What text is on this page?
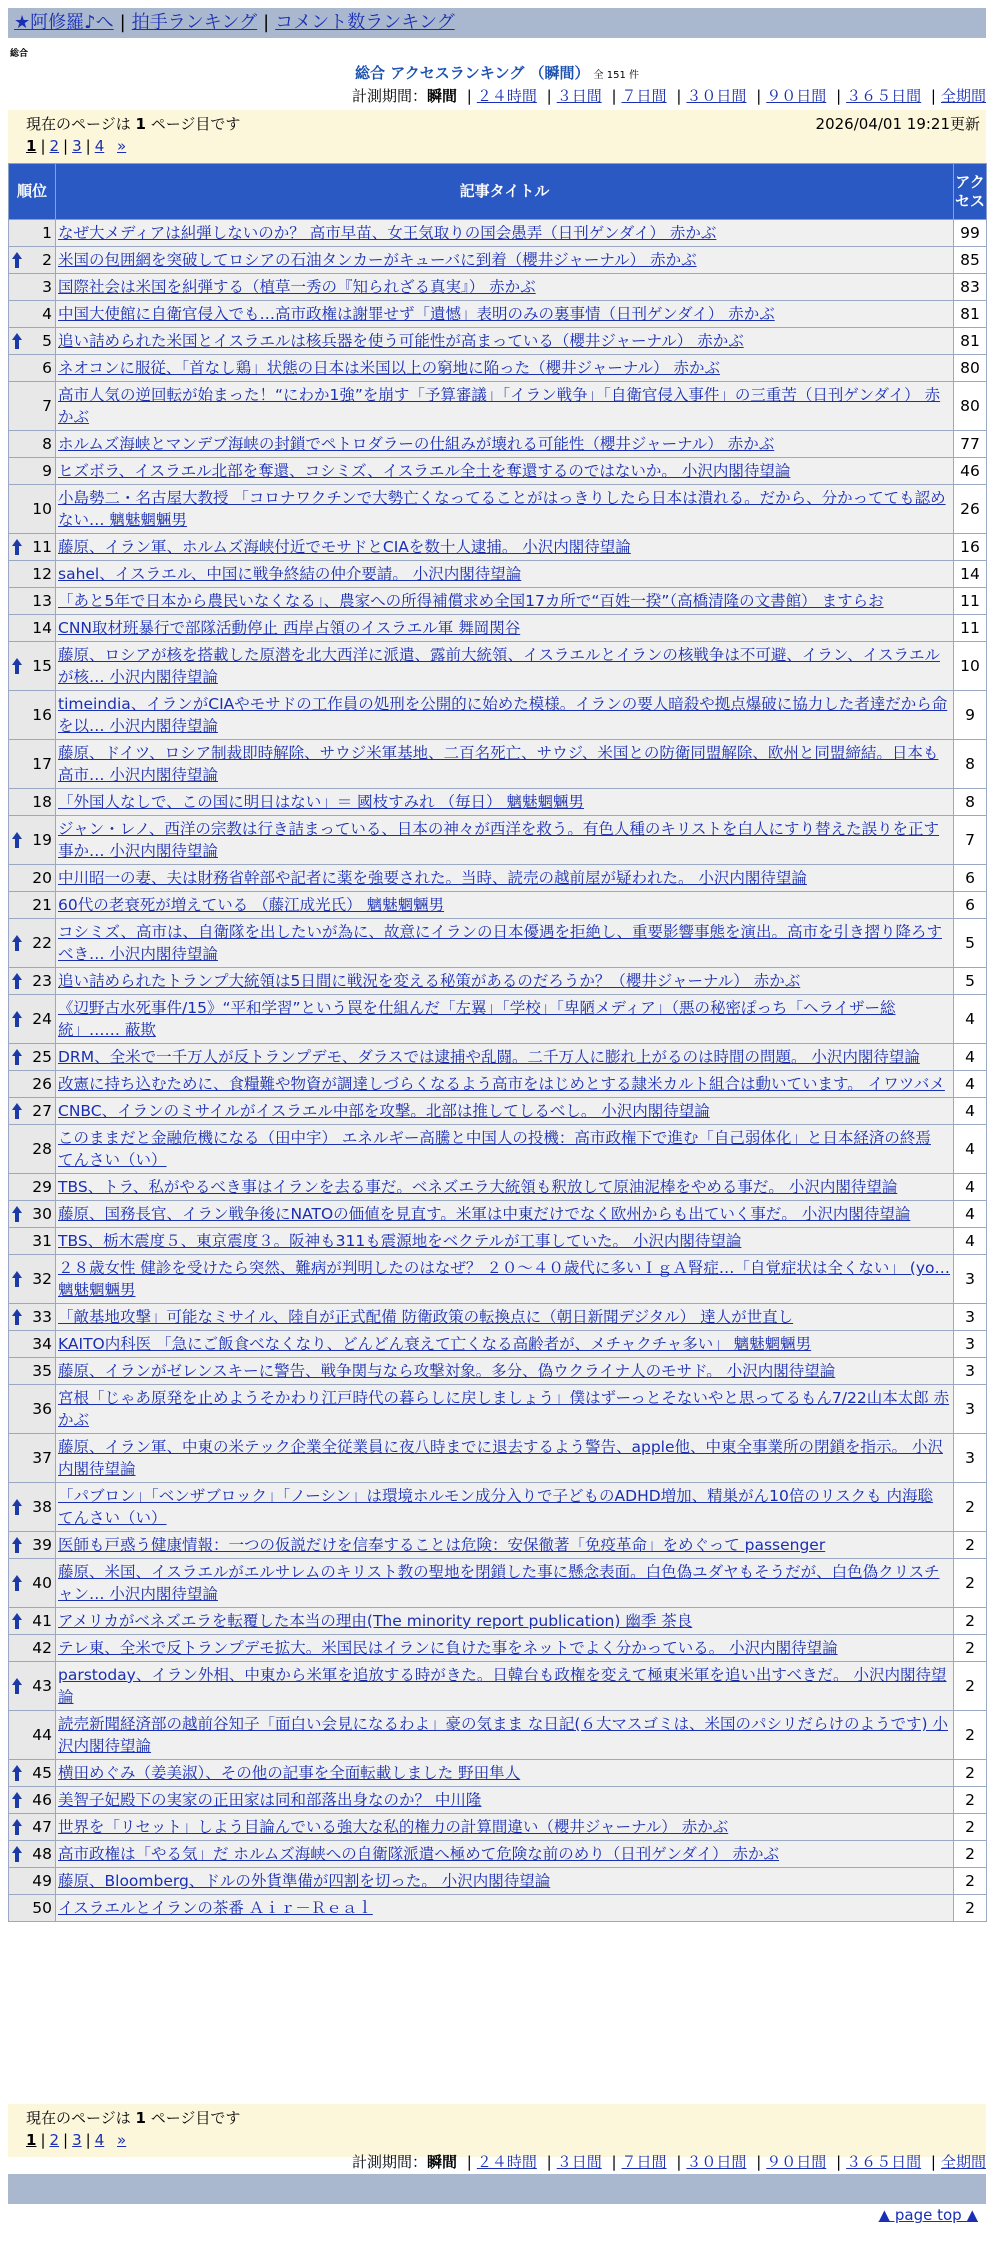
★阿修羅♪へ | 拍手ランキング | コメント数ランキング
総合
総合 アクセスランキング （瞬間） 全 151 件
計測期間：瞬間 | ２４時間 | ３日間 | ７日間 | ３０日間 | ９０日間 | ３６５日間 | 全期間
現在のページは 1 ページ目です	2026/04/01 19:21更新
1 | 2 | 3 | 4 »
順位	記事タイトル	アクセス
1	なぜ大メディアは糾弾しないのか？ 高市早苗、女王気取りの国会愚弄（日刊ゲンダイ） 赤かぶ	99

2	米国の包囲網を突破してロシアの石油タンカーがキューバに到着（櫻井ジャーナル） 赤かぶ	85
3	国際社会は米国を糾弾する（植草一秀の『知られざる真実』） 赤かぶ	83
4	中国大使館に自衛官侵入でも…高市政権は謝罪せず「遺憾」表明のみの裏事情（日刊ゲンダイ） 赤かぶ	81

5	追い詰められた米国とイスラエルは核兵器を使う可能性が高まっている（櫻井ジャーナル） 赤かぶ	81
6	ネオコンに服従、「首なし鶏」状態の日本は米国以上の窮地に陥った（櫻井ジャーナル） 赤かぶ	80
7	高市人気の逆回転が始まった！“にわか1強”を崩す「予算審議」「イラン戦争」「自衛官侵入事件」の三重苦（日刊ゲンダイ） 赤かぶ	80
8	ホルムズ海峡とマンデブ海峡の封鎖でペトロダラーの仕組みが壊れる可能性（櫻井ジャーナル） 赤かぶ	77
9	ヒズボラ、イスラエル北部を奪還、コシミズ、イスラエル全土を奪還するのではないか。 小沢内閣待望論	46
10	小島勢二・名古屋大教授 「コロナワクチンで大勢亡くなってることがはっきりしたら日本は潰れる。だから、分かってても認めない… 魑魅魍魎男	26

11	藤原、イラン軍、ホルムズ海峡付近でモサドとCIAを数十人逮捕。 小沢内閣待望論	16
12	sahel、イスラエル、中国に戦争終結の仲介要請。 小沢内閣待望論	14
13	「あと5年で日本から農民いなくなる」、農家への所得補償求め全国17カ所で“百姓一揆”（高橋清隆の文書館） ますらお	11
14	CNN取材班暴行で部隊活動停止 西岸占領のイスラエル軍 舞岡関谷	11

15	藤原、ロシアが核を搭載した原潜を北大西洋に派遣、露前大統領、イスラエルとイランの核戦争は不可避、イラン、イスラエルが核… 小沢内閣待望論	10
16	timeindia、イランがCIAやモサドの工作員の処刑を公開的に始めた模様。イランの要人暗殺や拠点爆破に協力した者達だから命を以… 小沢内閣待望論	9
17	藤原、ドイツ、ロシア制裁即時解除、サウジ米軍基地、二百名死亡、サウジ、米国との防衛同盟解除、欧州と同盟締結。日本も高市… 小沢内閣待望論	8
18	「外国人なしで、この国に明日はない」＝ 國枝すみれ （毎日） 魑魅魍魎男	8

19	ジャン・レノ、西洋の宗教は行き詰まっている、日本の神々が西洋を救う。有色人種のキリストを白人にすり替えた誤りを正す事か… 小沢内閣待望論	7
20	中川昭一の妻、夫は財務省幹部や記者に薬を強要された。当時、読売の越前屋が疑われた。 小沢内閣待望論	6
21	60代の老衰死が増えている （藤江成光氏） 魑魅魍魎男	6

22	コシミズ、高市は、自衛隊を出したいが為に、故意にイランの日本優遇を拒絶し、重要影響事態を演出。高市を引き摺り降ろすべき… 小沢内閣待望論	5

23	追い詰められたトランプ大統領は5日間に戦況を変える秘策があるのだろうか？（櫻井ジャーナル） 赤かぶ	5

24	《辺野古水死事件/15》“平和学習”という罠を仕組んだ「左翼」「学校」「卑陋メディア」（悪の秘密ぽっち「ヘライザー総統」…… 蔽欺	4

25	DRM、全米で一千万人が反トランプデモ、ダラスでは逮捕や乱闘。二千万人に膨れ上がるのは時間の問題。 小沢内閣待望論	4
26	改憲に持ち込むために、食糧難や物資が調達しづらくなるよう高市をはじめとする隷米カルト組合は動いています。 イワツバメ	4

27	CNBC、イランのミサイルがイスラエル中部を攻撃。北部は推してしるべし。 小沢内閣待望論	4
28	このままだと金融危機になる（田中宇） エネルギー高騰と中国人の投機：高市政権下で進む「自己弱体化」と日本経済の終焉 てんさい（い）	4
29	TBS、トラ、私がやるべき事はイランを去る事だ。ベネズエラ大統領も釈放して原油泥棒をやめる事だ。 小沢内閣待望論	4

30	藤原、国務長官、イラン戦争後にNATOの価値を見直す。米軍は中東だけでなく欧州からも出ていく事だ。 小沢内閣待望論	4
31	TBS、栃木震度５、東京震度３。阪神も311も震源地をベクテルが工事していた。 小沢内閣待望論	4

32	２８歳女性 健診を受けたら突然、難病が判明したのはなぜ？ ２０～４０歳代に多いＩｇＡ腎症…「自覚症状は全くない」 (yo… 魑魅魍魎男	3

33	「敵基地攻撃」可能なミサイル、陸自が正式配備 防衛政策の転換点に（朝日新聞デジタル） 達人が世直し	3
34	KAITO内科医 「急にご飯食べなくなり、どんどん衰えて亡くなる高齢者が、メチャクチャ多い」 魑魅魍魎男	3
35	藤原、イランがゼレンスキーに警告、戦争関与なら攻撃対象。多分、偽ウクライナ人のモサド。 小沢内閣待望論	3
36	宮根「じゃあ原発を止めようそかわり江戸時代の暮らしに戻しましょう」僕はずーっとそないやと思ってるもん7/22山本太郎 赤かぶ	3
37	藤原、イラン軍、中東の米テック企業全従業員に夜八時までに退去するよう警告、apple他、中東全事業所の閉鎖を指示。 小沢内閣待望論	3

38	「パブロン」「ベンザブロック」「ノーシン」は環境ホルモン成分入りで子どものADHD増加、精巣がん10倍のリスクも 内海聡 てんさい（い）	2

39	医師も戸惑う健康情報：一つの仮説だけを信奉することは危険：安保徹著「免疫革命」をめぐって passenger	2

40	藤原、米国、イスラエルがエルサレムのキリスト教の聖地を閉鎖した事に懸念表面。白色偽ユダヤもそうだが、白色偽クリスチャン… 小沢内閣待望論	2

41	アメリカがベネズエラを転覆した本当の理由(The minority report publication) 幽季 茶良	2
42	テレ東、全米で反トランプデモ拡大。米国民はイランに負けた事をネットでよく分かっている。 小沢内閣待望論	2

43	parstoday、イラン外相、中東から米軍を追放する時がきた。日韓台も政権を変えて極東米軍を追い出すべきだ。 小沢内閣待望論	2
44	読売新聞経済部の越前谷知子「面白い会見になるわよ」豪の気まま な日記(６大マスゴミは、米国のパシリだらけのようです) 小沢内閣待望論	2

45	横田めぐみ（姜美淑）、その他の記事を全面転載しました 野田隼人	2

46	美智子妃殿下の実家の正田家は同和部落出身なのか？ 中川隆	2

47	世界を「リセット」しよう目論んでいる強大な私的権力の計算間違い（櫻井ジャーナル） 赤かぶ	2

48	高市政権は「やる気」だ ホルムズ海峡への自衛隊派遣へ極めて危険な前のめり（日刊ゲンダイ） 赤かぶ	2
49	藤原、Bloomberg、ドルの外貨準備が四割を切った。 小沢内閣待望論	2
50	イスラエルとイランの茶番 Ａｉｒ－Ｒｅａｌ	2
現在のページは 1 ページ目です
1 | 2 | 3 | 4 »
計測期間：瞬間 | ２４時間 | ３日間 | ７日間 | ３０日間 | ９０日間 | ３６５日間 | 全期間
▲ page top ▲
